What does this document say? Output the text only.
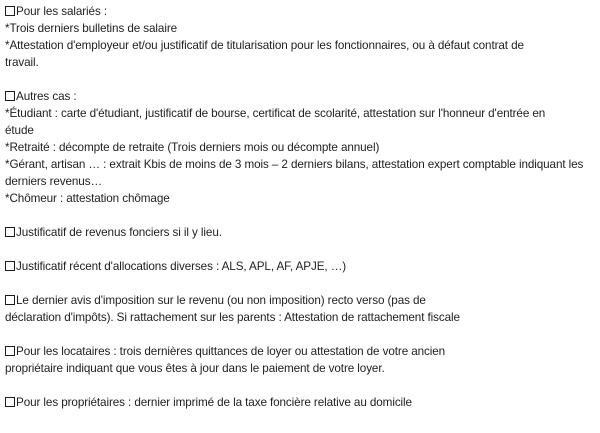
Pour les salariés :
*Trois derniers bulletins de salaire
*Attestation d'employeur et/ou justificatif de titularisation pour les fonctionnaires, ou à défaut contrat de travail.
Autres cas :
*Étudiant : carte d'étudiant, justificatif de bourse, certificat de scolarité, attestation sur l'honneur d'entrée en étude
*Retraité : décompte de retraite (Trois derniers mois ou décompte annuel)
*Gérant, artisan … : extrait Kbis de moins de 3 mois – 2 derniers bilans, attestation expert comptable indiquant les derniers revenus…
*Chômeur : attestation chômage
Justificatif de revenus fonciers si il y lieu.
Justificatif récent d'allocations diverses : ALS, APL, AF, APJE, …)
Le dernier avis d'imposition sur le revenu (ou non imposition) recto verso (pas de déclaration d'impôts). Si rattachement sur les parents : Attestation de rattachement fiscale
Pour les locataires : trois dernières quittances de loyer ou attestation de votre ancien propriétaire indiquant que vous êtes à jour dans le paiement de votre loyer.
Pour les propriétaires : dernier imprimé de la taxe foncière relative au domicile
